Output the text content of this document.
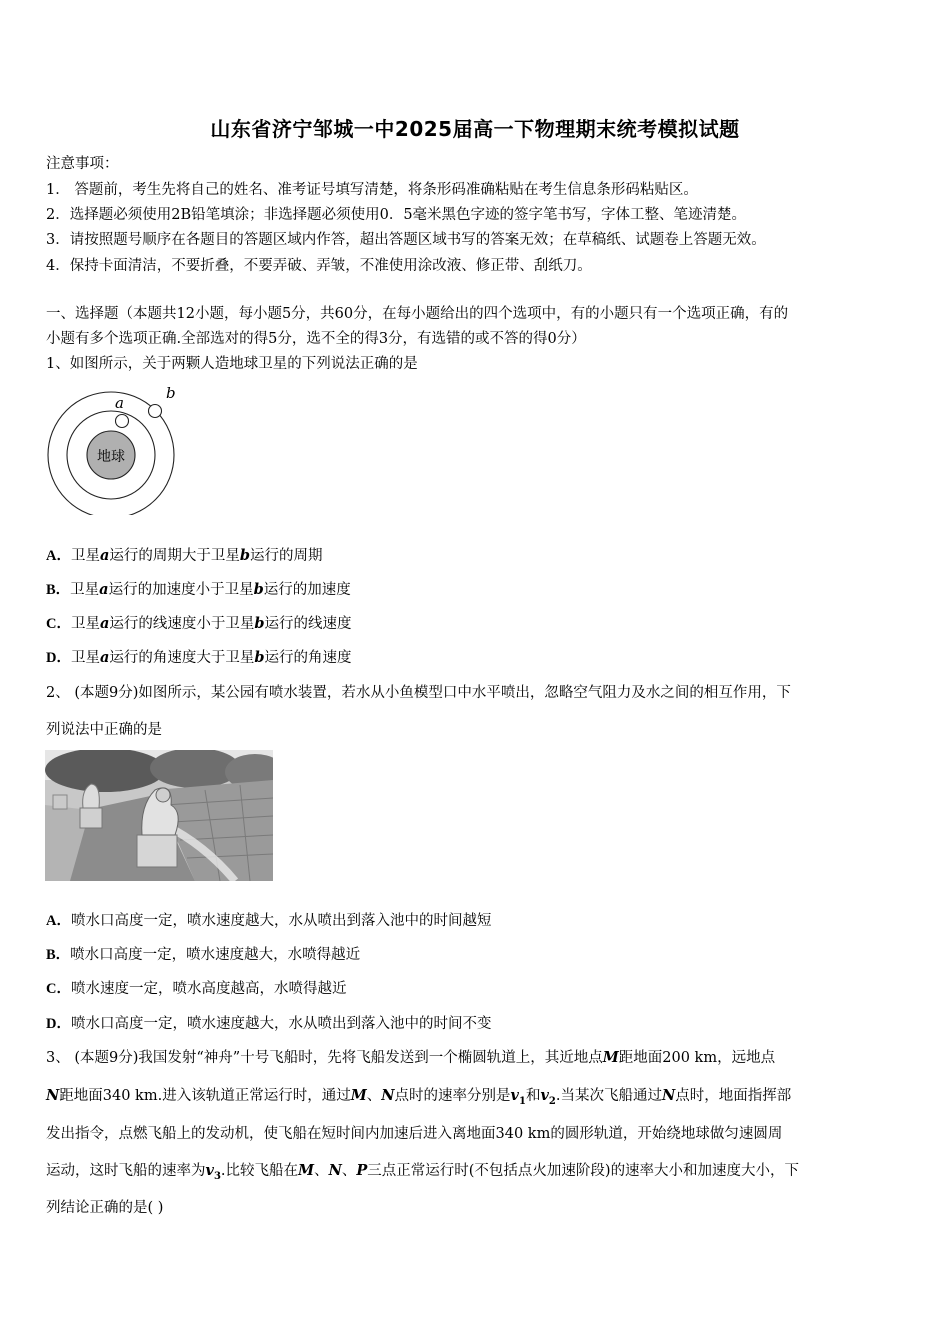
山东省济宁邹城一中2025届高一下物理期末统考模拟试题
注意事项：
1． 答题前，考生先将自己的姓名、准考证号填写清楚，将条形码准确粘贴在考生信息条形码粘贴区。
2．选择题必须使用2B铅笔填涂；非选择题必须使用0．5毫米黑色字迹的签字笔书写，字体工整、笔迹清楚。
3．请按照题号顺序在各题目的答题区域内作答，超出答题区域书写的答案无效；在草稿纸、试题卷上答题无效。
4．保持卡面清洁，不要折叠，不要弄破、弄皱，不准使用涂改液、修正带、刮纸刀。
一、选择题（本题共12小题，每小题5分，共60分，在每小题给出的四个选项中，有的小题只有一个选项正确，有的
小题有多个选项正确.全部选对的得5分，选不全的得3分，有选错的或不答的得0分）
1、如图所示，关于两颗人造地球卫星的下列说法正确的是
地球
a
b
A．卫星a运行的周期大于卫星b运行的周期
B．卫星a运行的加速度小于卫星b运行的加速度
C．卫星a运行的线速度小于卫星b运行的线速度
D．卫星a运行的角速度大于卫星b运行的角速度
2、 (本题9分)如图所示，某公园有喷水装置，若水从小鱼模型口中水平喷出，忽略空气阻力及水之间的相互作用，下
列说法中正确的是
A．喷水口高度一定，喷水速度越大，水从喷出到落入池中的时间越短
B．喷水口高度一定，喷水速度越大，水喷得越近
C．喷水速度一定，喷水高度越高，水喷得越近
D．喷水口高度一定，喷水速度越大，水从喷出到落入池中的时间不变
3、 (本题9分)我国发射“神舟”十号飞船时，先将飞船发送到一个椭圆轨道上，其近地点M距地面200 km，远地点
N距地面340 km.进入该轨道正常运行时，通过M、N点时的速率分别是$v_1$和$v_2$.当某次飞船通过N点时，地面指挥部
发出指令，点燃飞船上的发动机，使飞船在短时间内加速后进入离地面340 km的圆形轨道，开始绕地球做匀速圆周
运动，这时飞船的速率为$v_3$.比较飞船在M、N、P三点正常运行时(不包括点火加速阶段)的速率大小和加速度大小，下
列结论正确的是( )
